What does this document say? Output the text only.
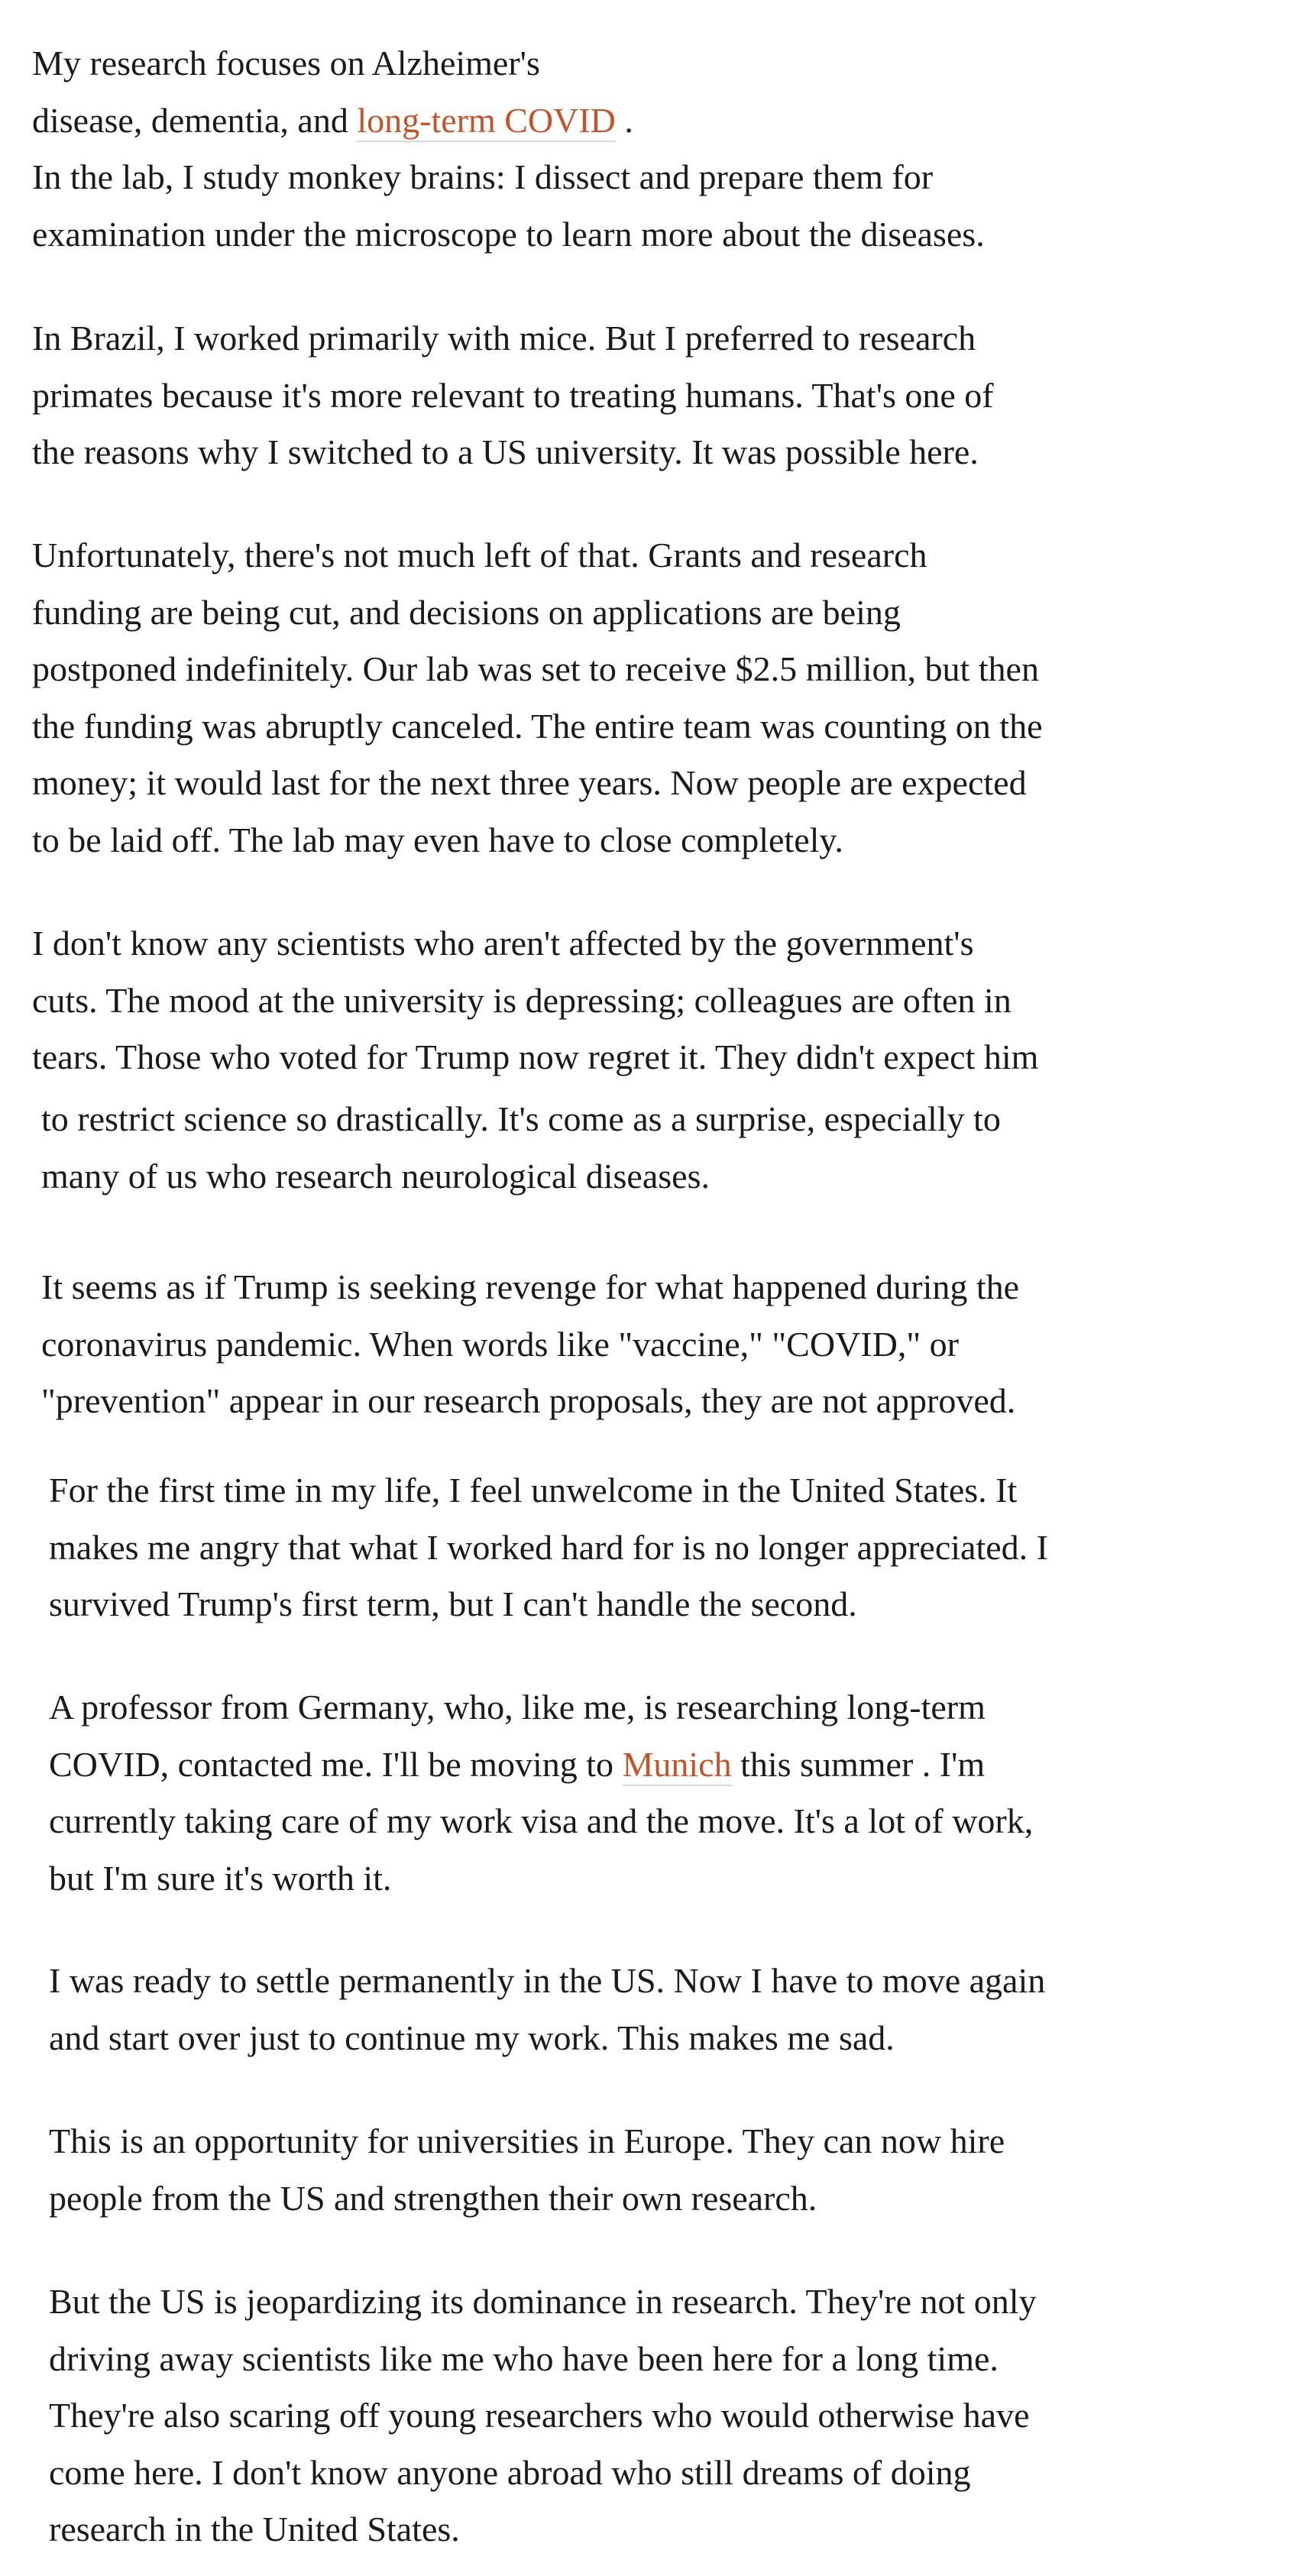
My research focuses on Alzheimer's
disease, dementia, and long-term COVID .
In the lab, I study monkey brains: I dissect and prepare them for
examination under the microscope to learn more about the diseases.

In Brazil, I worked primarily with mice. But I preferred to research
primates because it's more relevant to treating humans. That's one of
the reasons why I switched to a US university. It was possible here.

Unfortunately, there's not much left of that. Grants and research
funding are being cut, and decisions on applications are being
postponed indefinitely. Our lab was set to receive $2.5 million, but then
the funding was abruptly canceled. The entire team was counting on the
money; it would last for the next three years. Now people are expected
to be laid off. The lab may even have to close completely.

I don't know any scientists who aren't affected by the government's
cuts. The mood at the university is depressing; colleagues are often in
tears. Those who voted for Trump now regret it. They didn't expect him

to restrict science so drastically. It's come as a surprise, especially to
many of us who research neurological diseases.

It seems as if Trump is seeking revenge for what happened during the
coronavirus pandemic. When words like "vaccine," "COVID," or
"prevention" appear in our research proposals, they are not approved.

For the first time in my life, I feel unwelcome in the United States. It
makes me angry that what I worked hard for is no longer appreciated. I
survived Trump's first term, but I can't handle the second.

A professor from Germany, who, like me, is researching long-term
COVID, contacted me. I'll be moving to Munich this summer . I'm
currently taking care of my work visa and the move. It's a lot of work,
but I'm sure it's worth it.

I was ready to settle permanently in the US. Now I have to move again
and start over just to continue my work. This makes me sad.

This is an opportunity for universities in Europe. They can now hire
people from the US and strengthen their own research.

But the US is jeopardizing its dominance in research. They're not only
driving away scientists like me who have been here for a long time.
They're also scaring off young researchers who would otherwise have
come here. I don't know anyone abroad who still dreams of doing
research in the United States.
